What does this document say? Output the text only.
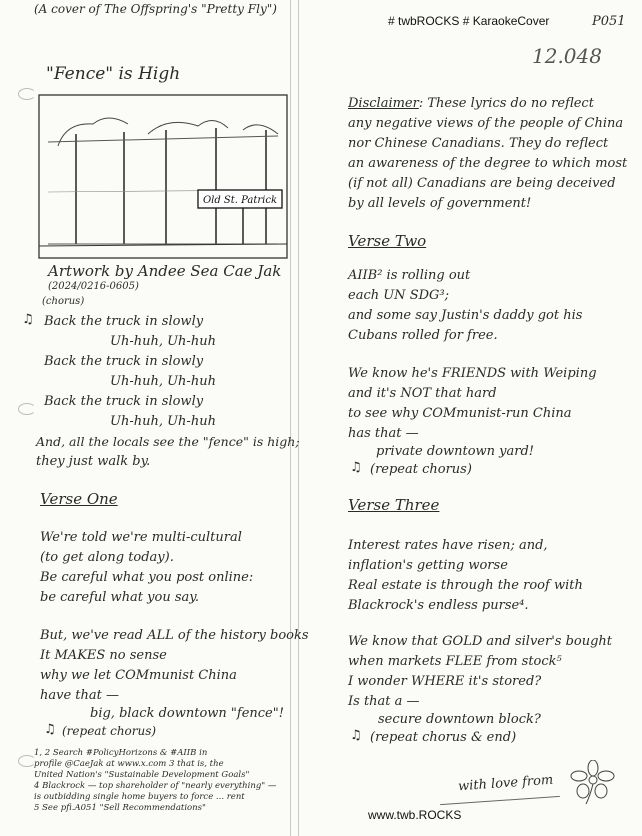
(A cover of The Offspring's "Pretty Fly")
# twbROCKS # KaraokeCover	P051
12.048
"Fence" is High
Old St. Patrick
Artwork by Andee Sea Cae Jak
(2024/0216-0605)
(chorus)
♫ Back the truck in slowly
Uh-huh, Uh-huh
Back the truck in slowly
Uh-huh, Uh-huh
Back the truck in slowly
Uh-huh, Uh-huh
And, all the locals see the "fence" is high;
they just walk by.
Verse One
We're told we're multi-cultural
(to get along today).
Be careful what you post online:
be careful what you say.
But, we've read ALL of the history books
It MAKES no sense
why we let COMmunist China
have that —
big, black downtown "fence"!
♫ (repeat chorus)
1, 2 Search #PolicyHorizons & #AIIB in
profile @CaeJak at www.x.com 3 that is, the
United Nation's "Sustainable Development Goals"
4 Blackrock — top shareholder of "nearly everything" —
is outbidding single home buyers to force ... rent
5 See pfi.A051 "Sell Recommendations"
Disclaimer: These lyrics do no reflect
any negative views of the people of China
nor Chinese Canadians. They do reflect
an awareness of the degree to which most
(if not all) Canadians are being deceived
by all levels of government!
Verse Two
AIIB² is rolling out
each UN SDG³;
and some say Justin's daddy got his
Cubans rolled for free.
We know he's FRIENDS with Weiping
and it's NOT that hard
to see why COMmunist-run China
has that —
private downtown yard!
♫ (repeat chorus)
Verse Three
Interest rates have risen; and,
inflation's getting worse
Real estate is through the roof with
Blackrock's endless purse⁴.
We know that GOLD and silver's bought
when markets FLEE from stock⁵
I wonder WHERE it's stored?
Is that a —
secure downtown block?
♫ (repeat chorus & end)
with love from
www.twb.ROCKS
